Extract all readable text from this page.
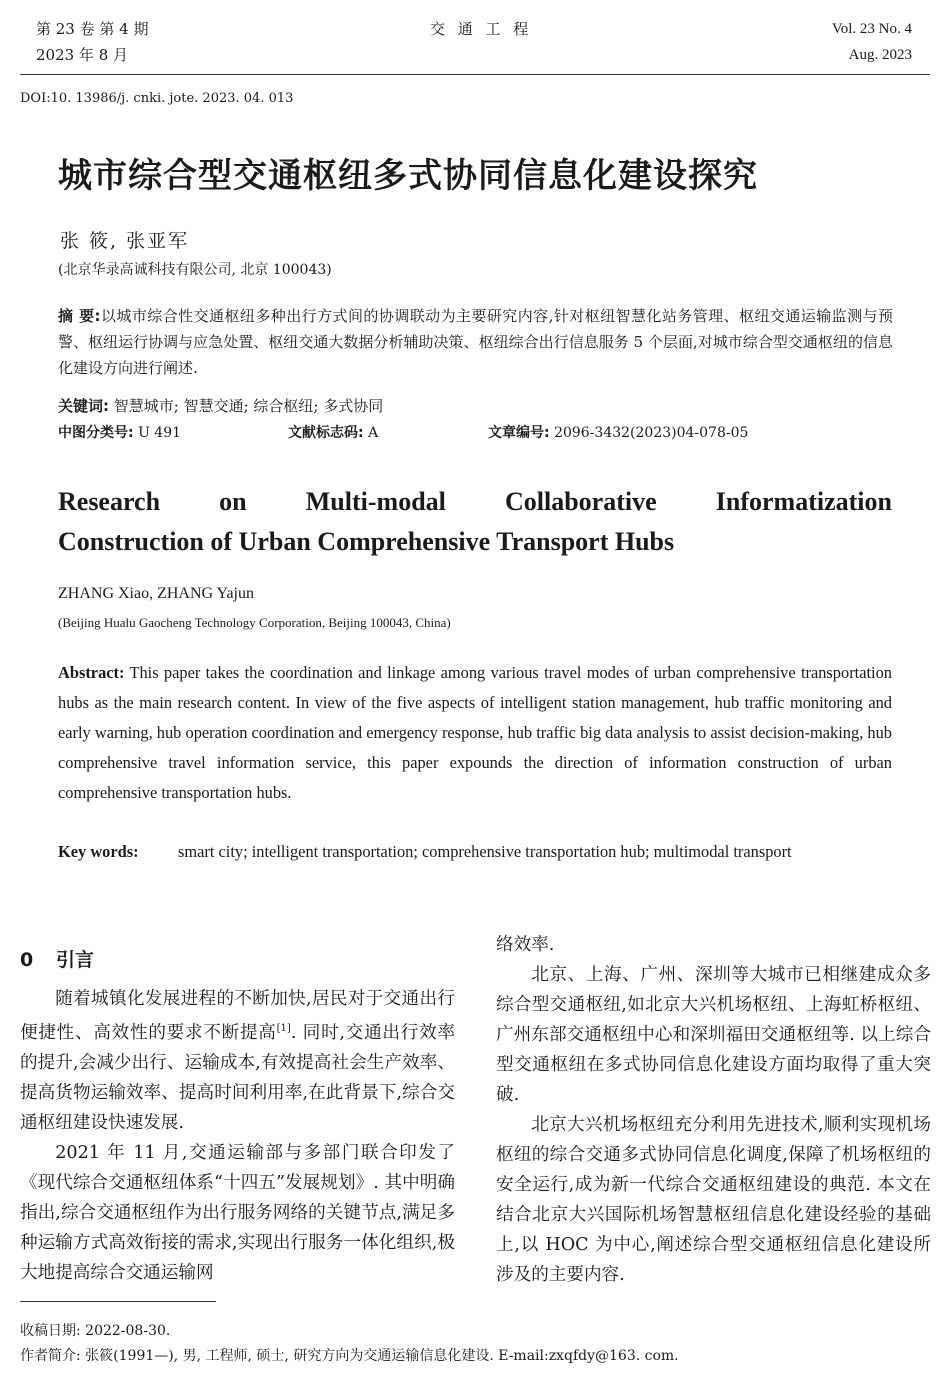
第 23 卷 第 4 期
2023 年 8 月
交 通 工 程	Vol. 23 No. 4
Aug. 2023
DOI:10. 13986/j. cnki. jote. 2023. 04. 013
城市综合型交通枢纽多式协同信息化建设探究
张 筱, 张亚军
(北京华录高诚科技有限公司, 北京 100043)
摘 要:以城市综合性交通枢纽多种出行方式间的协调联动为主要研究内容,针对枢纽智慧化站务管理、枢纽交通运输监测与预警、枢纽运行协调与应急处置、枢纽交通大数据分析辅助决策、枢纽综合出行信息服务 5 个层面,对城市综合型交通枢纽的信息化建设方向进行阐述.
关键词: 智慧城市; 智慧交通; 综合枢纽; 多式协同
中图分类号: U 491	文献标志码: A	文章编号: 2096-3432(2023)04-078-05
Research on Multi-modal Collaborative Informatization
Construction of Urban Comprehensive Transport Hubs
ZHANG Xiao, ZHANG Yajun
(Beijing Hualu Gaocheng Technology Corporation, Beijing 100043, China)
Abstract: This paper takes the coordination and linkage among various travel modes of urban comprehensive transportation hubs as the main research content. In view of the five aspects of intelligent station management, hub traffic monitoring and early warning, hub operation coordination and emergency response, hub traffic big data analysis to assist decision-making, hub comprehensive travel information service, this paper expounds the direction of information construction of urban comprehensive transportation hubs.
Key words: smart city; intelligent transportation; comprehensive transportation hub; multimodal transport
0 引言

随着城镇化发展进程的不断加快,居民对于交通出行便捷性、高效性的要求不断提高[1]. 同时,交通出行效率的提升,会减少出行、运输成本,有效提高社会生产效率、提高货物运输效率、提高时间利用率,在此背景下,综合交通枢纽建设快速发展.

2021 年 11 月,交通运输部与多部门联合印发了《现代综合交通枢纽体系“十四五”发展规划》. 其中明确指出,综合交通枢纽作为出行服务网络的关键节点,满足多种运输方式高效衔接的需求,实现出行服务一体化组织,极大地提高综合交通运输网

络效率.

北京、上海、广州、深圳等大城市已相继建成众多综合型交通枢纽,如北京大兴机场枢纽、上海虹桥枢纽、广州东部交通枢纽中心和深圳福田交通枢纽等. 以上综合型交通枢纽在多式协同信息化建设方面均取得了重大突破.

北京大兴机场枢纽充分利用先进技术,顺利实现机场枢纽的综合交通多式协同信息化调度,保障了机场枢纽的安全运行,成为新一代综合交通枢纽建设的典范. 本文在结合北京大兴国际机场智慧枢纽信息化建设经验的基础上,以 HOC 为中心,阐述综合型交通枢纽信息化建设所涉及的主要内容.

收稿日期: 2022-08-30.
作者简介: 张筱(1991—), 男, 工程师, 硕士, 研究方向为交通运输信息化建设. E-mail:zxqfdy@163. com.
